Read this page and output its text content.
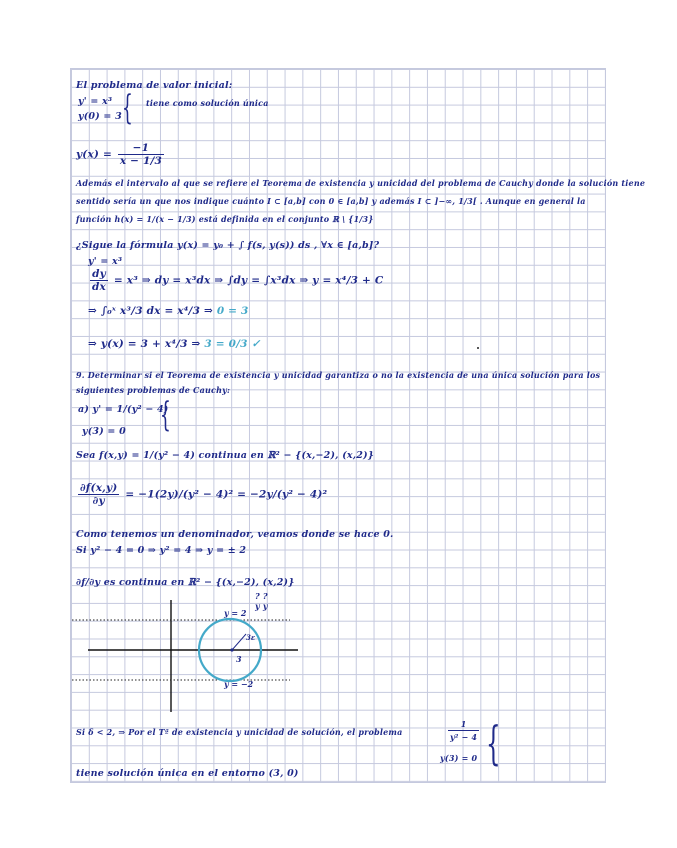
El problema de valor inicial:
y' = x³ { tiene como solución única
y(0) = 3
$y(x) = \frac{-1}{x - 1/3}$
Además el intervalo al que se refiere el Teorema de existencia y unicidad del problema de Cauchy donde la solución tiene
sentido sería un que nos indique cuánto I ⊂ [a,b] con 0 ∈ [a,b] y además I ⊂ ]−∞, 1/3[ . Aunque en general la
función h(x) = 1/(x − 1/3) está definida en el conjunto ℝ \ {1/3}
¿Sigue la fórmula y(x) = y₀ + ∫ f(s, y(s)) ds , ∀x ∈ [a,b]?
y' = x³
$\frac{dy}{dx} = x^3$ ⇒ dy = x³dx ⇒ ∫dy = ∫x³dx ⇒ y = x⁴/3 + C
⇒ ∫₀ˣ x³/3 dx = x⁴/3 ⇒ 0 = 3
⇒ y(x) = 3 + x⁴/3 ⇒ 3 = 0/3 ✓
9. Determinar si el Teorema de existencia y unicidad garantiza o no la existencia de una única solución para los
siguientes problemas de Cauchy:
a) y' = 1/(y² − 4)
{
y(3) = 0
Sea f(x,y) = 1/(y² − 4) continua en ℝ² − {(x,−2), (x,2)}
$\frac{\partial f(x,y)}{\partial y} = -1(2y)/(y^2 - 4)^2 = -2y/(y^2 - 4)^2$
Como tenemos un denominador, veamos donde se hace 0.
Si y² − 4 = 0 ⇒ y² = 4 ⇒ y = ± 2
∂f/∂y es continua en ℝ² − {(x,−2), (x,2)}
? ?
y y
y = 2
y = −2
3
3ε
Si δ < 2, ⇒ Por el Tª de existencia y unicidad de solución, el problema	$\frac{1}{\text{y² − 4}}$ {
y(3) = 0
tiene solución única en el entorno (3, 0)
